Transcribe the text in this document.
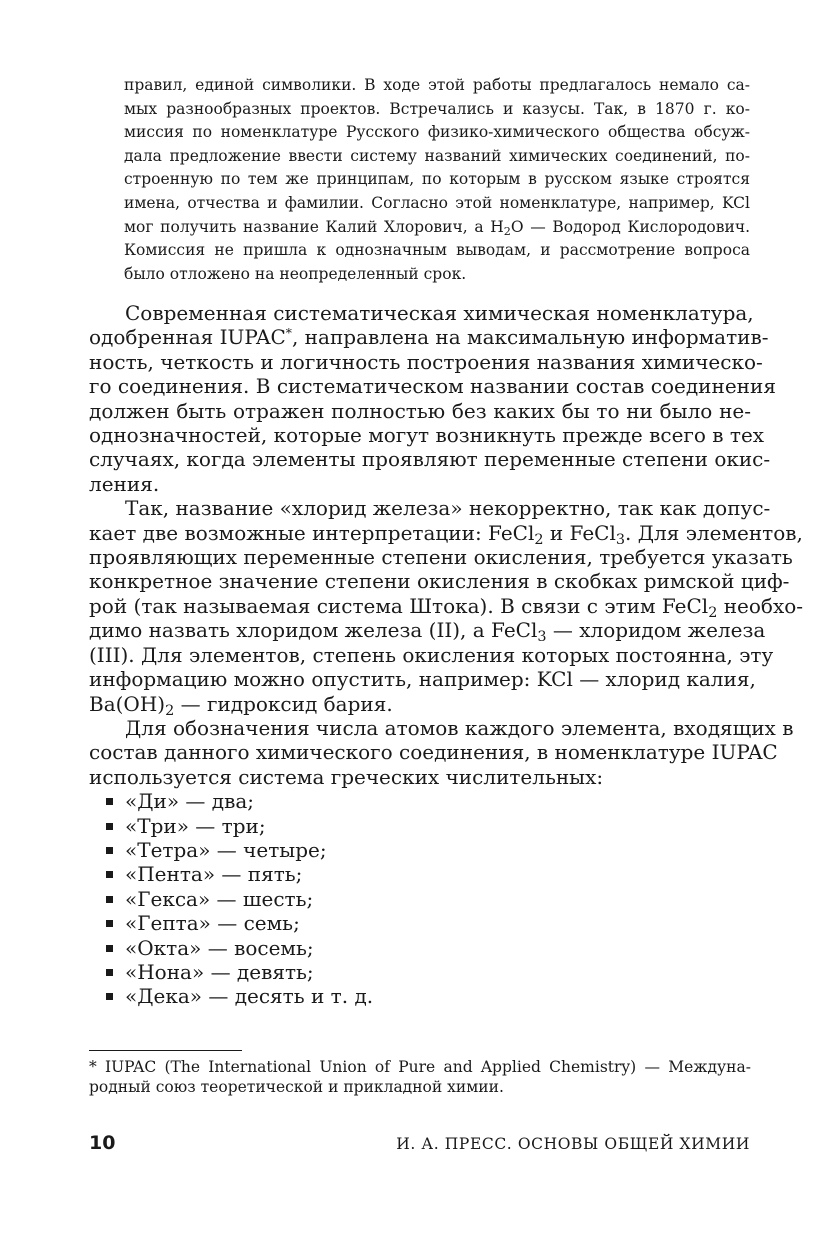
правил, единой символики. В ходе этой работы предлагалось немало са-
мых разнообразных проектов. Встречались и казусы. Так, в 1870 г. ко-
миссия по номенклатуре Русского физико-химического общества обсуж-
дала предложение ввести систему названий химических соединений, по-
строенную по тем же принципам, по которым в русском языке строятся
имена, отчества и фамилии. Согласно этой номенклатуре, например, KCl
мог получить название Калий Хлорович, а $H_2O$ — Водород Кислородович.
Комиссия не пришла к однозначным выводам, и рассмотрение вопроса
было отложено на неопределенный срок.
Современная систематическая химическая номенклатура,
одобренная IUPAC*, направлена на максимальную информатив-
ность, четкость и логичность построения названия химическо-
го соединения. В систематическом названии состав соединения
должен быть отражен полностью без каких бы то ни было не-
однозначностей, которые могут возникнуть прежде всего в тех
случаях, когда элементы проявляют переменные степени окис-
ления.
Так, название «хлорид железа» некорректно, так как допус-
кает две возможные интерпретации: FeCl$_2$ и FeCl$_3$. Для элементов,
проявляющих переменные степени окисления, требуется указать
конкретное значение степени окисления в скобках римской циф-
рой (так называемая система Штока). В связи с этим FeCl$_2$ необхо-
димо назвать хлоридом железа (II), а FeCl$_3$ — хлоридом железа
(III). Для элементов, степень окисления которых постоянна, эту
информацию можно опустить, например: KCl — хлорид калия,
$Ba(OH)_2$ — гидроксид бария.
Для обозначения числа атомов каждого элемента, входящих в
состав данного химического соединения, в номенклатуре IUPAC
используется система греческих числительных:
«Ди» — два;
«Три» — три;
«Тетра» — четыре;
«Пента» — пять;
«Гекса» — шесть;
«Гепта» — семь;
«Окта» — восемь;
«Нона» — девять;
«Дека» — десять и т. д.
* IUPAC (The International Union of Pure and Applied Chemistry) — Междуна-
родный союз теоретической и прикладной химии.
10	И. А. ПРЕСС. ОСНОВЫ ОБЩЕЙ ХИМИИ
